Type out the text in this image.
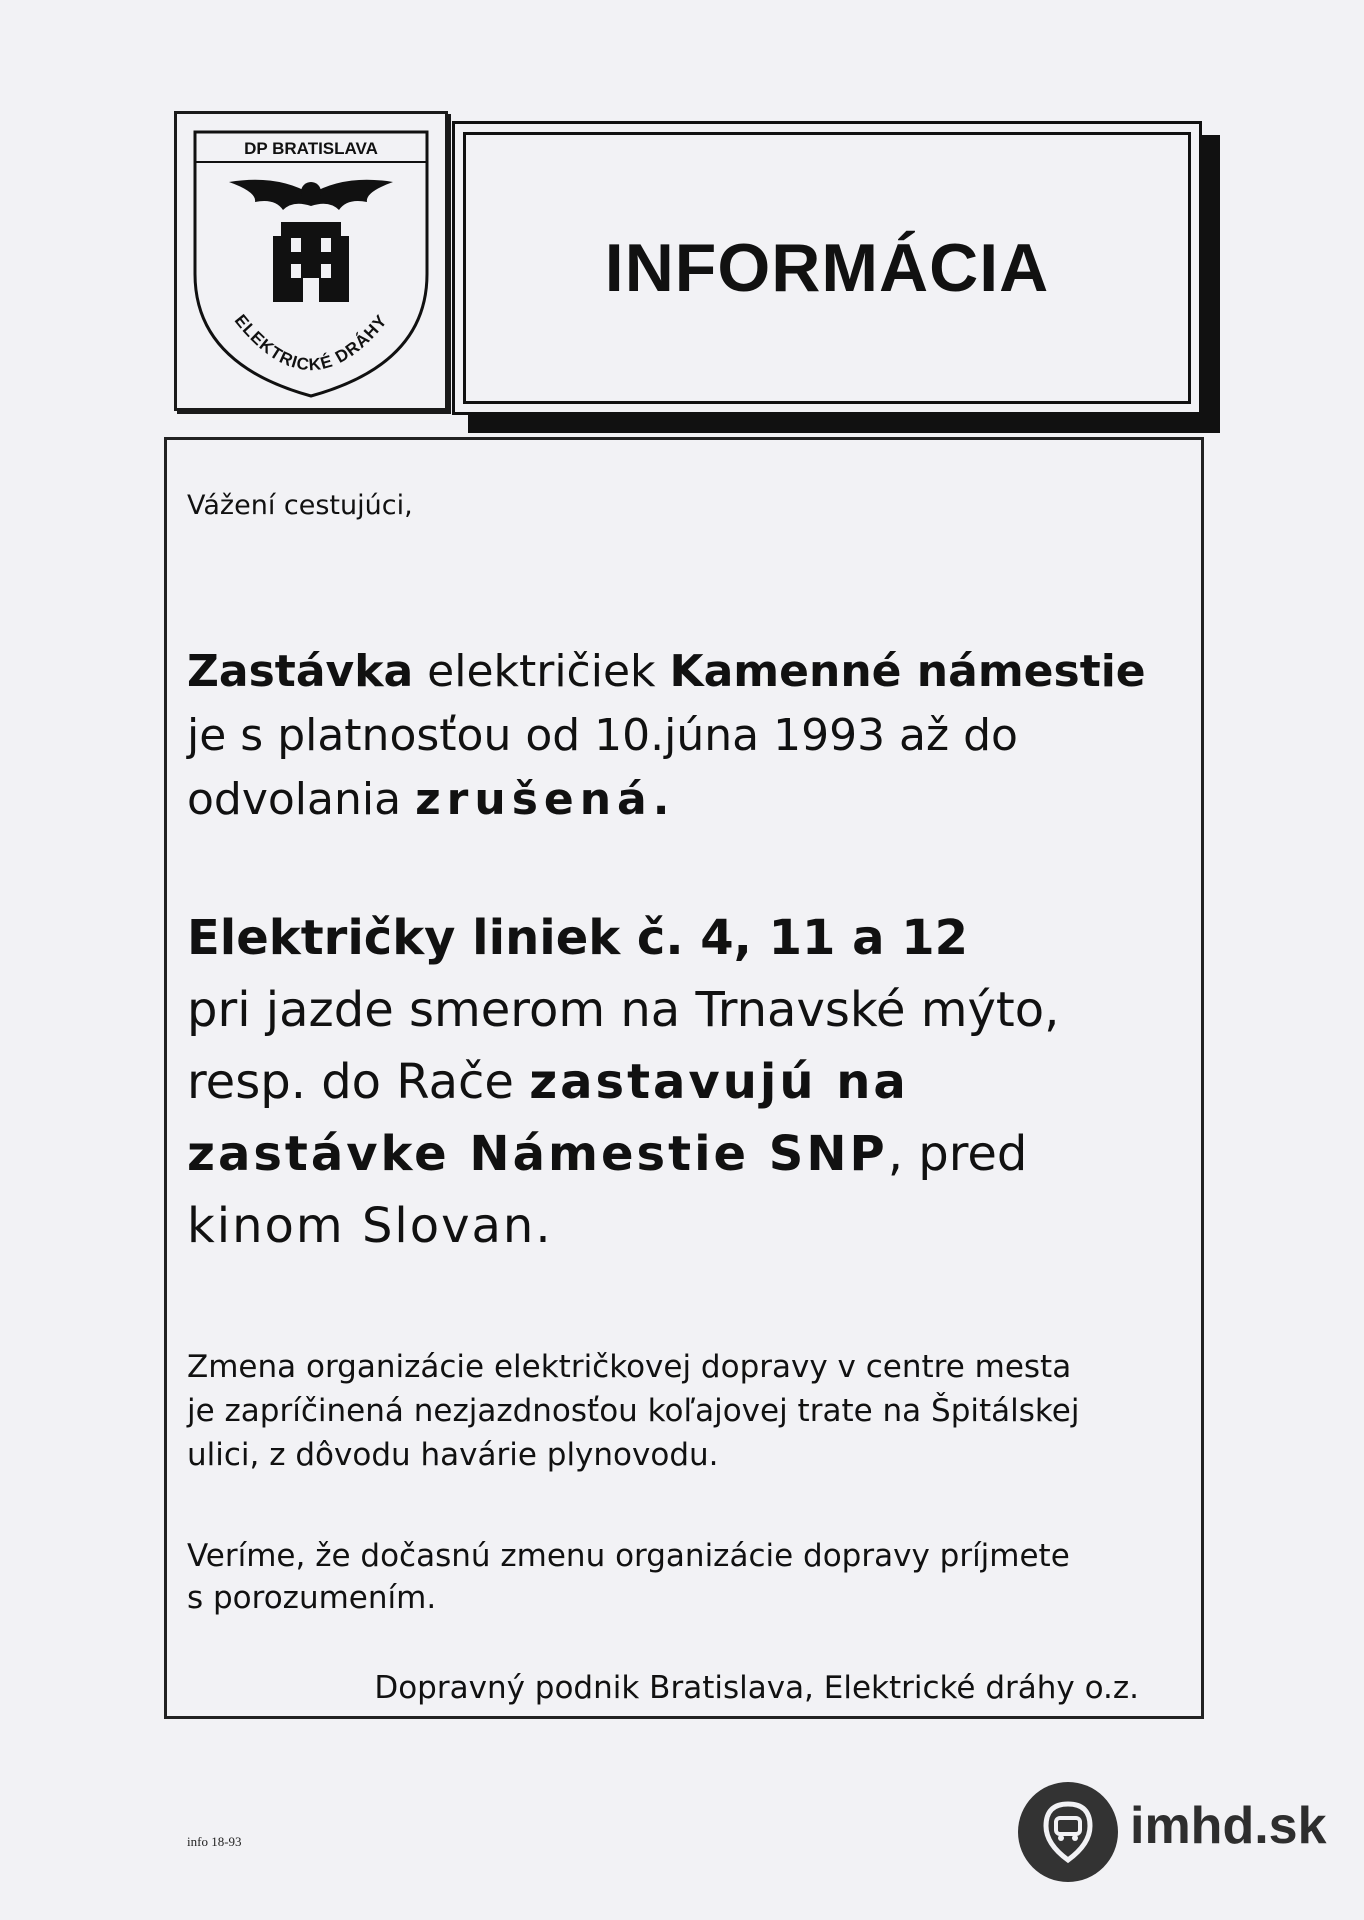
DP BRATISLAVA
ELEKTRICKÉ DRÁHY
INFORMÁCIA

Vážení cestujúci,

Zastávka električiek Kamenné námestie
je s platnosťou od 10.júna 1993 až do
odvolania zrušená.
Električky liniek č. 4, 11 a 12
pri jazde smerom na Trnavské mýto,
resp. do Rače zastavujú na
zastávke Námestie SNP, pred
kinom Slovan.
Zmena organizácie električkovej dopravy v centre mesta
je zapríčinená nezjazdnosťou koľajovej trate na Špitálskej
ulici, z dôvodu havárie plynovodu.
Veríme, že dočasnú zmenu organizácie dopravy príjmete
s porozumením.

Dopravný podnik Bratislava, Elektrické dráhy o.z.

info 18-93	imhd.sk
